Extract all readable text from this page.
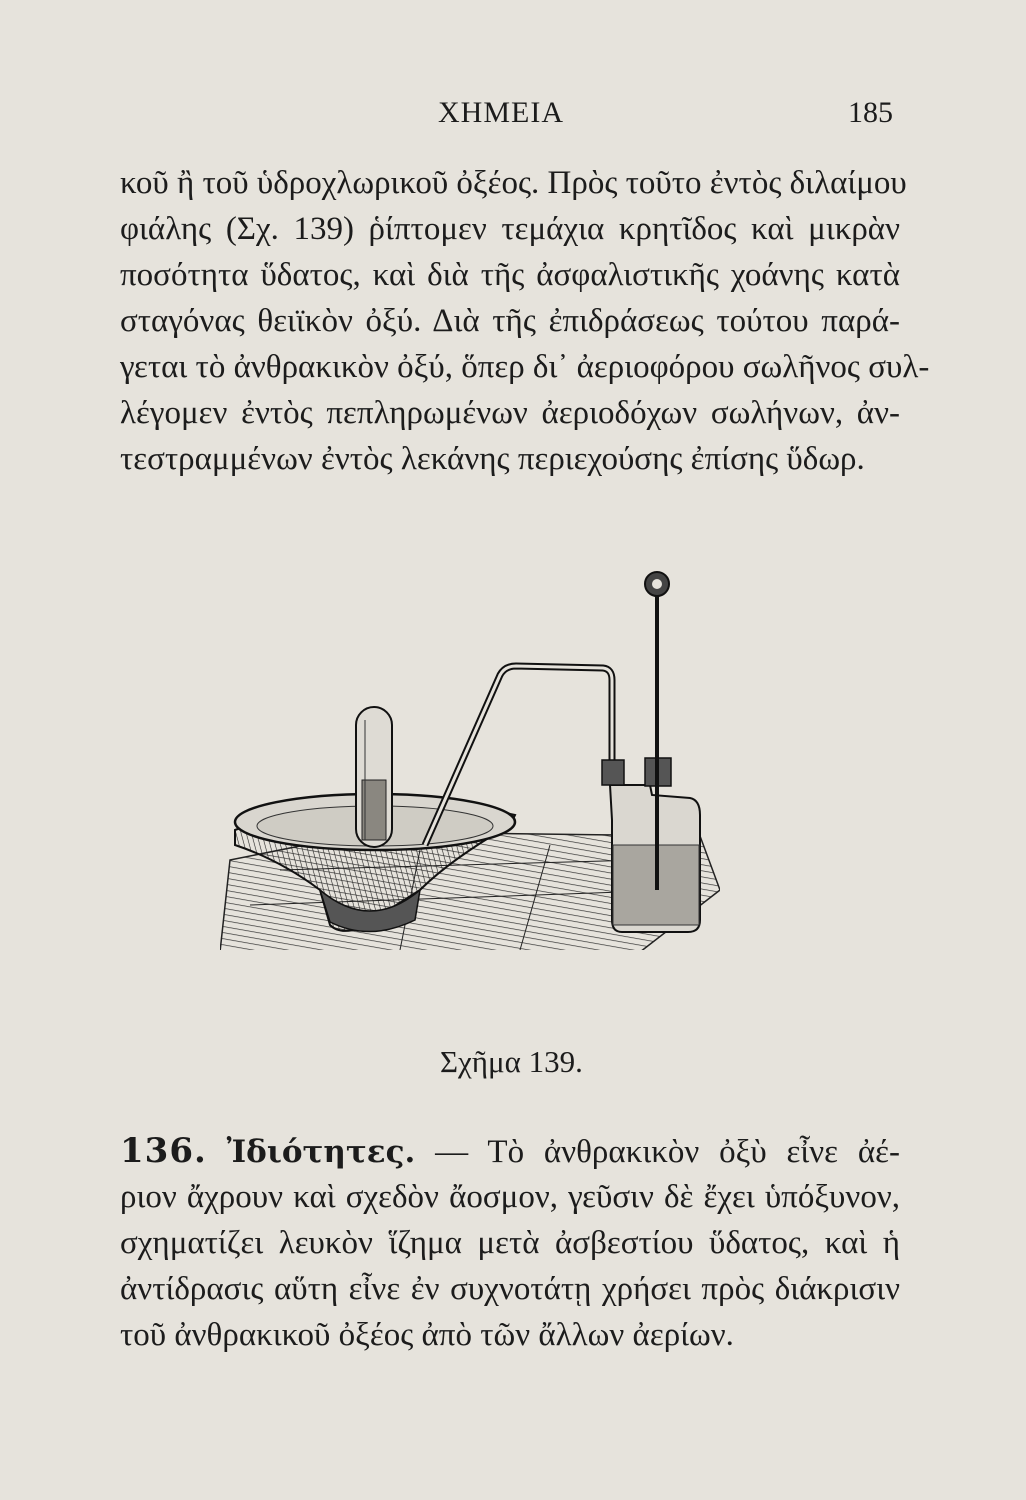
ΧΗΜΕΙΑ	185
κοῦ ἢ τοῦ ὑδροχλωρικοῦ ὀξέος. Πρὸς τοῦτο ἐντὸς διλαίμου
φιάλης (Σχ. 139) ῥίπτομεν τεμάχια κρητῖδος καὶ μικρὰν
ποσότητα ὕδατος, καὶ διὰ τῆς ἀσφαλιστικῆς χοάνης κατὰ
σταγόνας θειϊκὸν ὀξύ. Διὰ τῆς ἐπιδράσεως τούτου παρά-
γεται τὸ ἀνθρακικὸν ὀξύ, ὅπερ δι᾽ ἀεριοφόρου σωλῆνος συλ-
λέγομεν ἐντὸς πεπληρωμένων ἀεριοδόχων σωλήνων, ἀν-
τεστραμμένων ἐντὸς λεκάνης περιεχούσης ἐπίσης ὕδωρ.
Σχῆμα 139.
136. Ἰδιότητες. — Τὸ ἀνθρακικὸν ὀξὺ εἶνε ἀέ-
ριον ἄχρουν καὶ σχεδὸν ἄοσμον, γεῦσιν δὲ ἔχει ὑπόξυνον,
σχηματίζει λευκὸν ἵζημα μετὰ ἀσβεστίου ὕδατος, καὶ ἡ
ἀντίδρασις αὕτη εἶνε ἐν συχνοτάτῃ χρήσει πρὸς διάκρισιν
τοῦ ἀνθρακικοῦ ὀξέος ἀπὸ τῶν ἄλλων ἀερίων.
